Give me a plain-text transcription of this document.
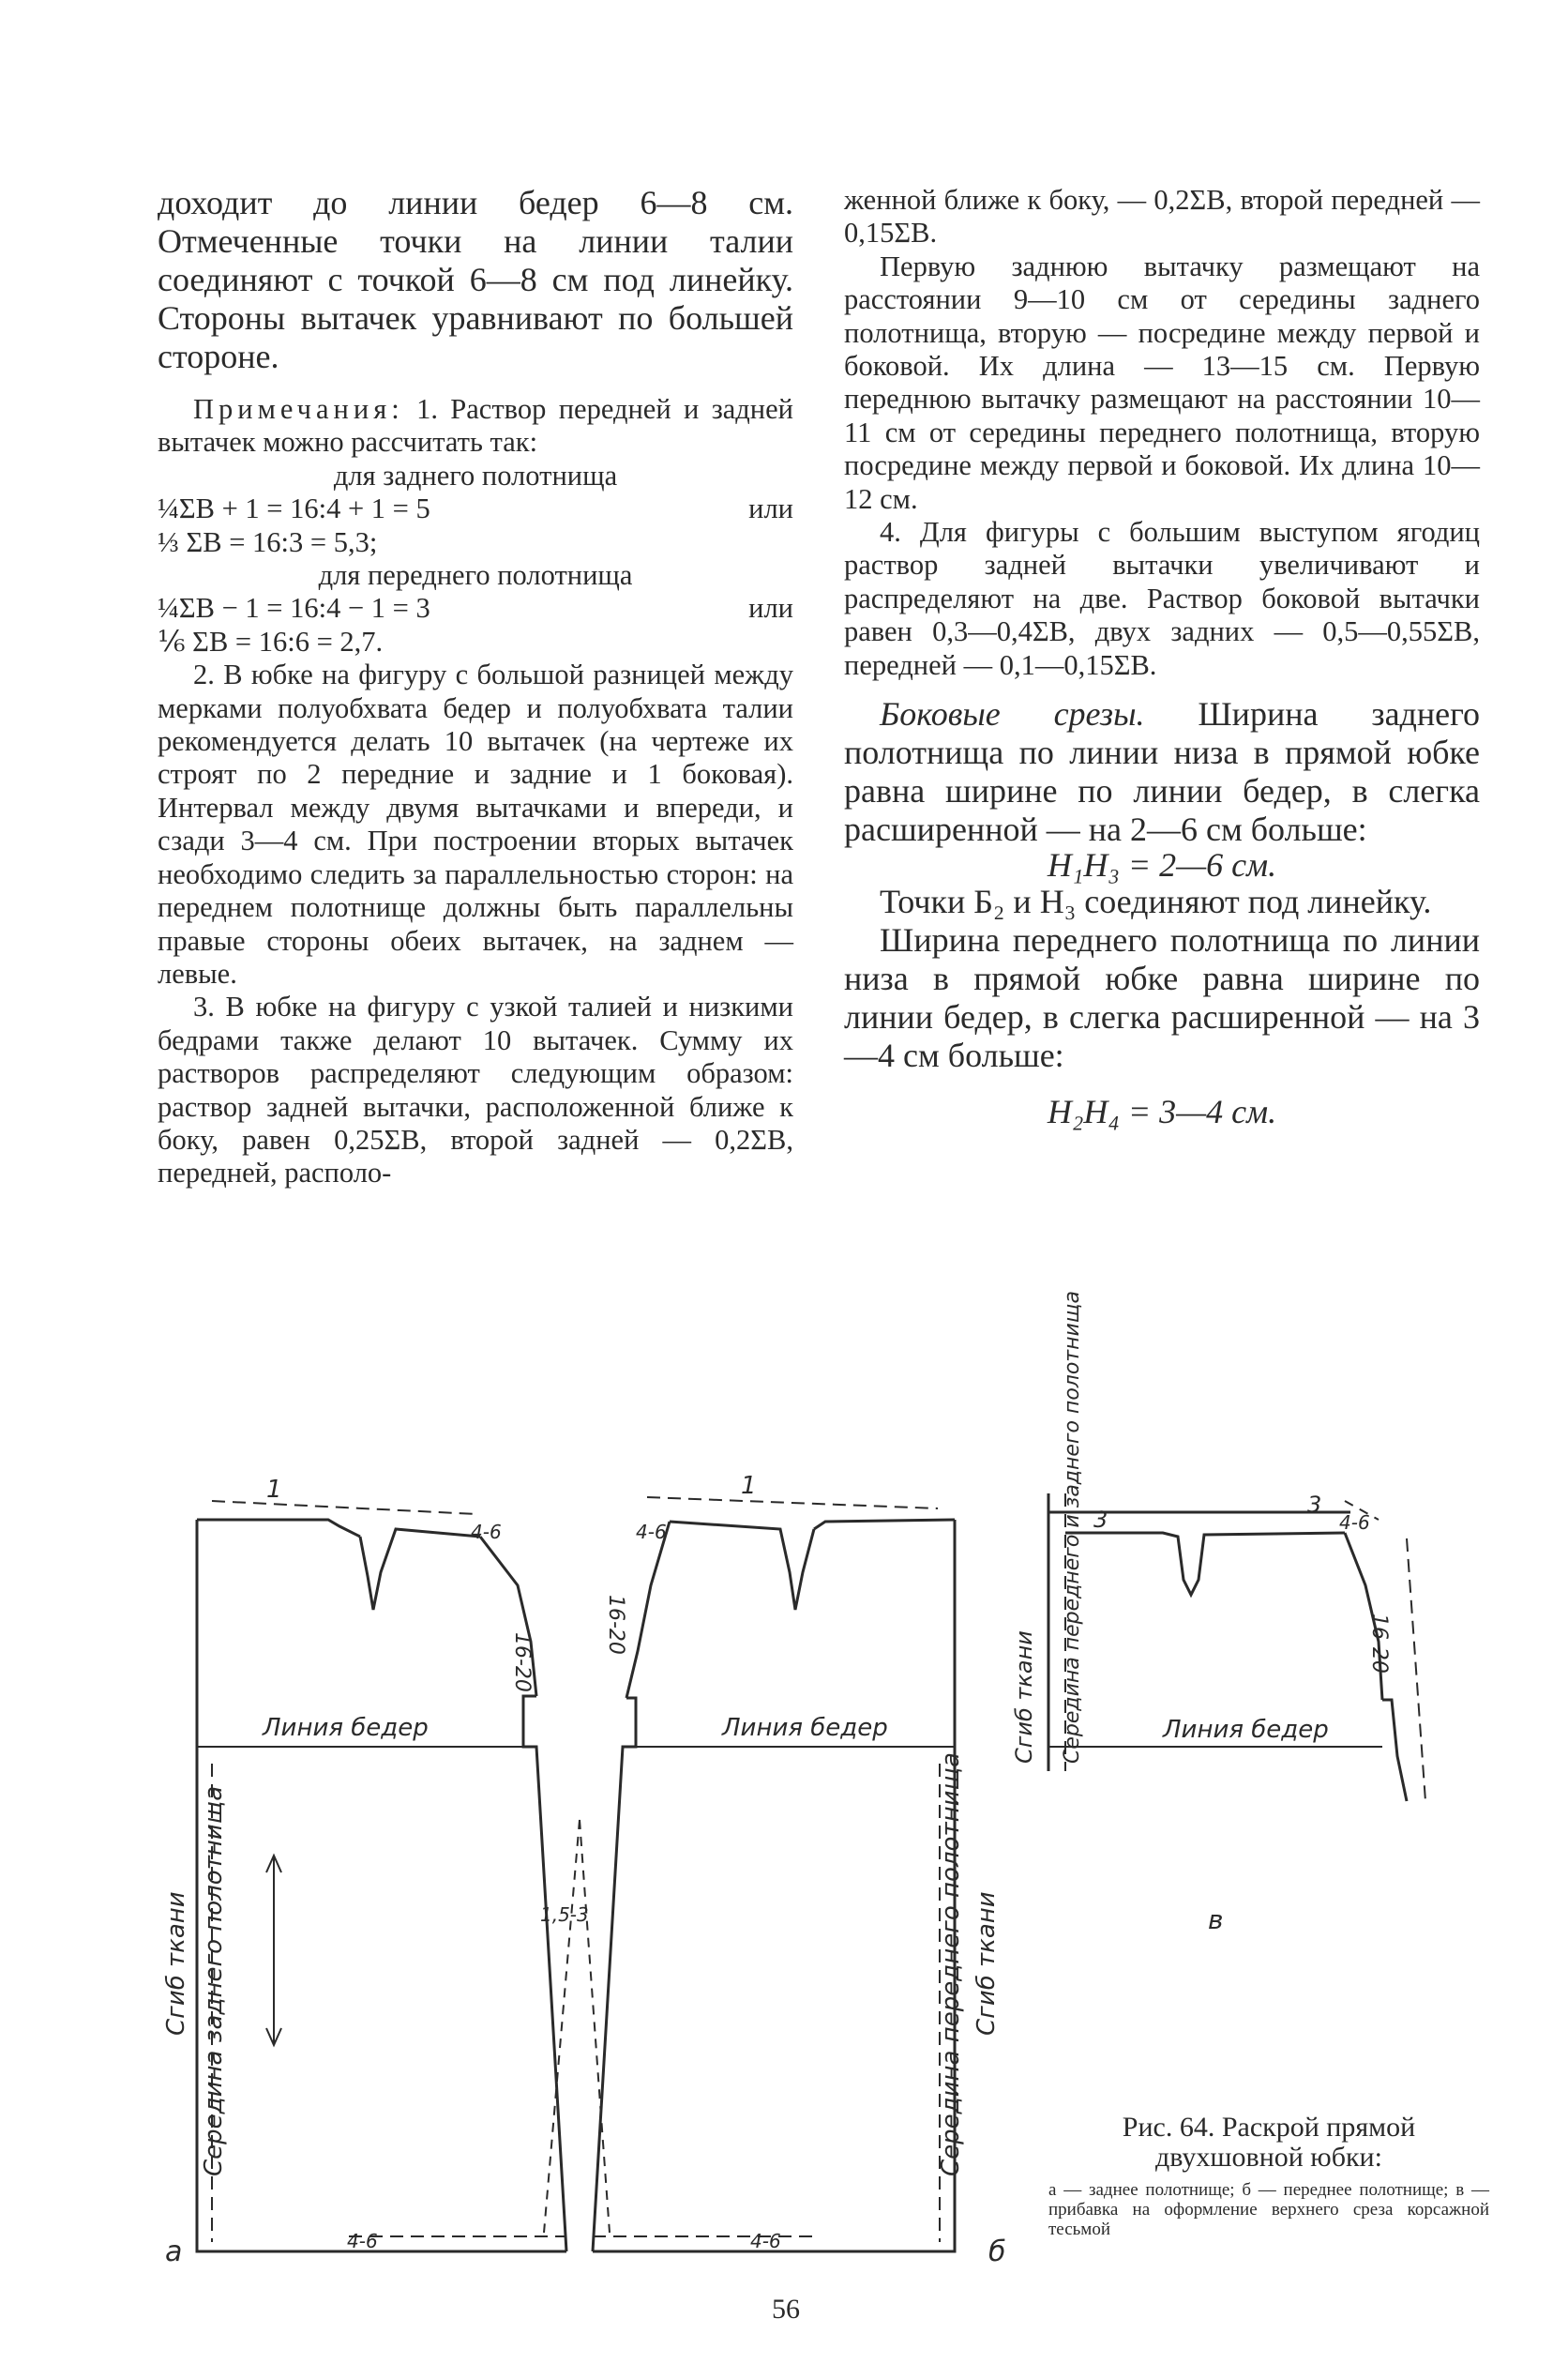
доходит до линии бедер 6—8 см. Отмеченные точки на линии талии соединяют с точкой 6—8 см под линейку. Стороны вытачек уравнивают по большей стороне.

Примечания: 1. Раствор передней и задней вытачек можно рассчитать так:

для заднего полотнища

¼ΣВ + 1 = 16:4 + 1 = 5	или

⅓ ΣВ = 16:3 = 5,3;

для переднего полотнища

¼ΣВ − 1 = 16:4 − 1 = 3	или

⅙ ΣВ = 16:6 = 2,7.

2. В юбке на фигуру с большой разницей между мерками полуобхвата бедер и полуобхвата талии рекомендуется делать 10 вытачек (на чертеже их строят по 2 передние и задние и 1 боковая). Интервал между двумя вытачками и впереди, и сзади 3—4 см. При построении вторых вытачек необходимо следить за параллельностью сторон: на переднем полотнище должны быть параллельны правые стороны обеих вытачек, на заднем — левые.

3. В юбке на фигуру с узкой талией и низкими бедрами также делают 10 вытачек. Сумму их растворов распределяют следующим образом: раствор задней вытачки, расположенной ближе к боку, равен 0,25ΣВ, второй задней — 0,2ΣВ, передней, располо-

женной ближе к боку, — 0,2ΣВ, второй передней — 0,15ΣВ.

Первую заднюю вытачку размещают на расстоянии 9—10 см от середины заднего полотнища, вторую — посредине между первой и боковой. Их длина — 13—15 см. Первую переднюю вытачку размещают на расстоянии 10—11 см от середины переднего полотнища, вторую посредине между первой и боковой. Их длина 10—12 см.

4. Для фигуры с большим выступом ягодиц раствор задней вытачки увеличивают и распределяют на две. Раствор боковой вытачки равен 0,3—0,4ΣВ, двух задних — 0,5—0,55ΣВ, передней — 0,1—0,15ΣВ.

Боковые срезы. Ширина заднего полотнища по линии низа в прямой юбке равна ширине по линии бедер, в слегка расширенной — на 2—6 см больше:

Н₁Н₃ = 2—6 см.

Точки Б₂ и Н₃ соединяют под линейку.

Ширина переднего полотнища по линии низа в прямой юбке равна ширине по линии бедер, в слегка расширенной — на 3—4 см больше:

Н₂Н₄ = 3—4 см.

Линия бедер	Линия бедер	Линия бедер
Сгиб ткани Середина заднего полотнища	Середина переднего полотнища Сгиб ткани
Сгиб ткани Середина переднего и заднего полотнища
1	1
4-6	4-6	4-6
4-6	4-6
16-20
16-20	16-20
1,5-3
3
3
а	б
в
Рис. 64. Раскрой прямой двухшовной юбки:
а — заднее полотнище; б — переднее полотнище; в — прибавка на оформление верхнего среза корсажной тесьмой
56
